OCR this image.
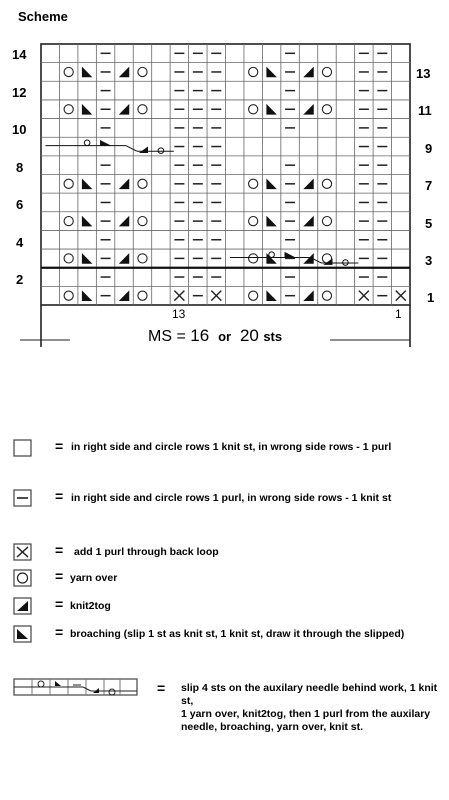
Scheme
14
12
10
8
6
4
2
13
11
9
7
5
3
1
13	1
MS = 16 or 20 sts
= in right side and circle rows 1 knit st, in wrong side rows - 1 purl
= in right side and circle rows 1 purl, in wrong side rows - 1 knit st
= add 1 purl through back loop
= yarn over
= knit2tog
= broaching (slip 1 st as knit st, 1 knit st, draw it through the slipped)
= slip 4 sts on the auxilary needle behind work, 1 knit st,
1 yarn over, knit2tog, then 1 purl from the auxilary
needle, broaching, yarn over, knit st.
